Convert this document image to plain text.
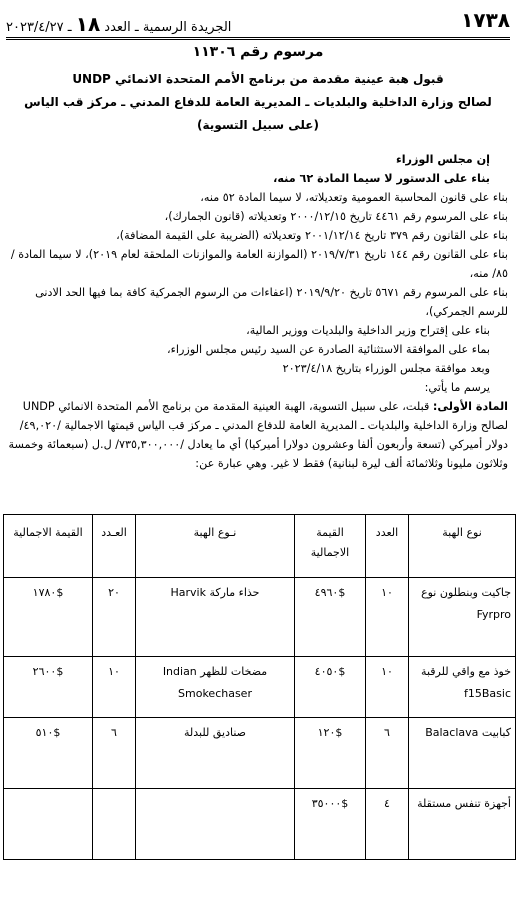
١٧٣٨
الجريدة الرسمية ـ العدد ١٨ ـ ٢٠٢٣/٤/٢٧
مرسوم رقم ١١٣٠٦
قبول هبة عينية مقدمة من برنامج الأمم المتحدة الانمائي UNDP
لصالح وزارة الداخلية والبلديات ـ المديرية العامة للدفاع المدني ـ مركز قب الياس
(على سبيل التسوية)

إن مجلس الوزراء

بناء على الدستور لا سيما المادة ٦٢ منه،

بناء على قانون المحاسبة العمومية وتعديلاته، لا سيما المادة ٥٢ منه،

بناء على المرسوم رقم ٤٤٦١ تاريخ ٢٠٠٠/١٢/١٥ وتعديلاته (قانون الجمارك)،

بناء على القانون رقم ٣٧٩ تاريخ ٢٠٠١/١٢/١٤ وتعديلاته (الضريبة على القيمة المضافة)،

بناء على القانون رقم ١٤٤ تاريخ ٢٠١٩/٧/٣١ (الموازنة العامة والموازنات الملحقة لعام ٢٠١٩)، لا سيما المادة /٨٥/ منه،

بناء على المرسوم رقم ٥٦٧١ تاريخ ٢٠١٩/٩/٢٠ (اعفاءات من الرسوم الجمركية كافة بما فيها الحد الادنى للرسم الجمركي)،

بناء على إقتراح وزير الداخلية والبلديات ووزير المالية،

بماء على الموافقة الاستثنائية الصادرة عن السيد رئيس مجلس الوزراء،

وبعد موافقة مجلس الوزراء بتاريخ ٢٠٢٣/٤/١٨

يرسم ما يأتي:

المادة الأولى: قبلت، على سبيل التسوية، الهبة العينية المقدمة من برنامج الأمم المتحدة الانمائي UNDP لصالح وزارة الداخلية والبلديات ـ المديرية العامة للدفاع المدني ـ مركز قب الياس قيمتها الاجمالية /٤٩,٠٢٠/ دولار أميركي (تسعة وأربعون ألفا وعشرون دولارا أميركيا) أي ما يعادل /٧٣٥,٣٠٠,٠٠٠/ ل.ل (سبعمائة وخمسة وثلاثون مليونا وثلاثمائة ألف ليرة لبنانية) فقط لا غير. وهي عبارة عن:

نوع الهبة	العدد	القيمة الاجمالية	نـوع الهبة	العـدد	القيمة الاجمالية
جاكيت وبنطلون نوع Fyrpro	١٠	$٤٩٦٠	حذاء ماركة Harvik	٢٠	$١٧٨٠
خوذ مع واقي للرقبة f15Basic	١٠	$٤٠٥٠	مضخات للظهر Indian Smokechaser	١٠	$٢٦٠٠
كبابيت Balaclava	٦	$١٢٠	صناديق للبدلة	٦	$٥١٠
أجهزة تنفس مستقلة	٤	$٣٥٠٠٠			
